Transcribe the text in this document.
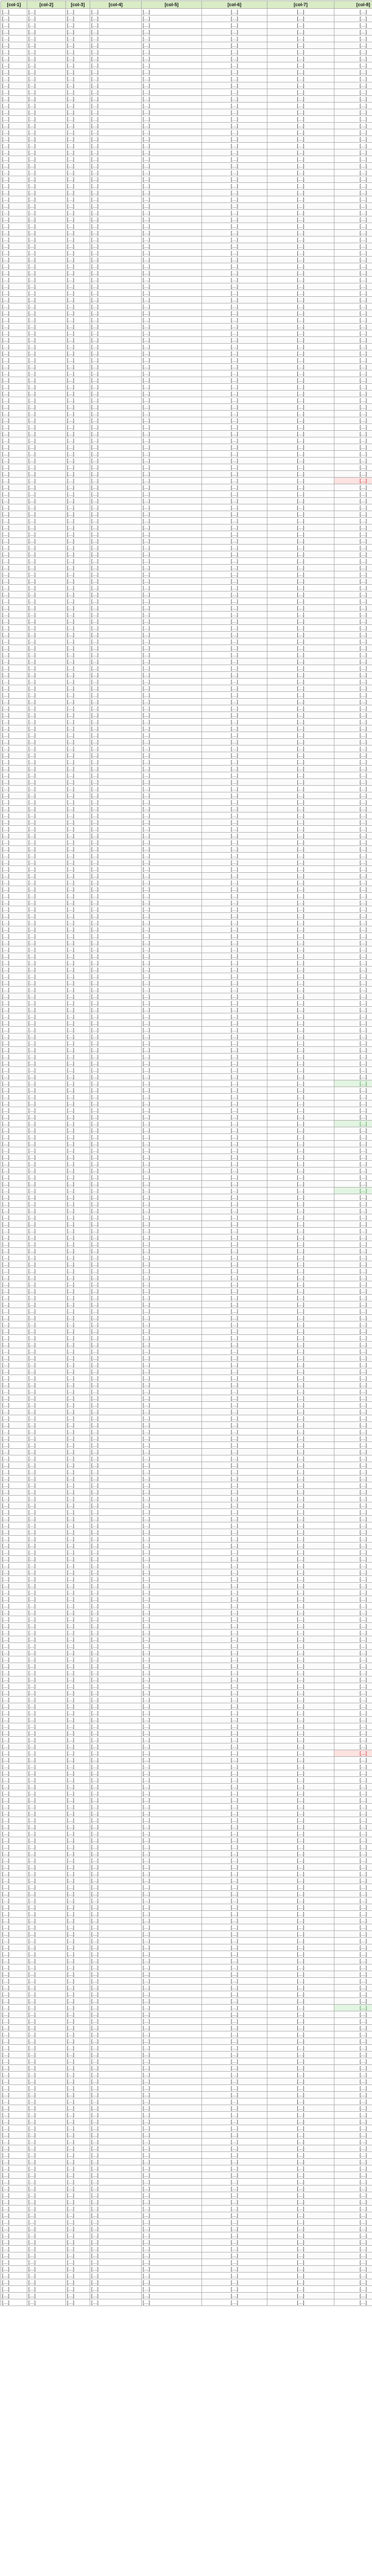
[col-1]	[col-2]	[col-3]	[col-4]	[col-5]	[col-6]	[col-7]	[col-8]
[…]	[…]	[…]	[…]	[…]	[…]	[…]	[…]
[…]	[…]	[…]	[…]	[…]	[…]	[…]	[…]
[…]	[…]	[…]	[…]	[…]	[…]	[…]	[…]
[…]	[…]	[…]	[…]	[…]	[…]	[…]	[…]
[…]	[…]	[…]	[…]	[…]	[…]	[…]	[…]
[…]	[…]	[…]	[…]	[…]	[…]	[…]	[…]
[…]	[…]	[…]	[…]	[…]	[…]	[…]	[…]
[…]	[…]	[…]	[…]	[…]	[…]	[…]	[…]
[…]	[…]	[…]	[…]	[…]	[…]	[…]	[…]
[…]	[…]	[…]	[…]	[…]	[…]	[…]	[…]
[…]	[…]	[…]	[…]	[…]	[…]	[…]	[…]
[…]	[…]	[…]	[…]	[…]	[…]	[…]	[…]
[…]	[…]	[…]	[…]	[…]	[…]	[…]	[…]
[…]	[…]	[…]	[…]	[…]	[…]	[…]	[…]
[…]	[…]	[…]	[…]	[…]	[…]	[…]	[…]
[…]	[…]	[…]	[…]	[…]	[…]	[…]	[…]
[…]	[…]	[…]	[…]	[…]	[…]	[…]	[…]
[…]	[…]	[…]	[…]	[…]	[…]	[…]	[…]
[…]	[…]	[…]	[…]	[…]	[…]	[…]	[…]
[…]	[…]	[…]	[…]	[…]	[…]	[…]	[…]
[…]	[…]	[…]	[…]	[…]	[…]	[…]	[…]
[…]	[…]	[…]	[…]	[…]	[…]	[…]	[…]
[…]	[…]	[…]	[…]	[…]	[…]	[…]	[…]
[…]	[…]	[…]	[…]	[…]	[…]	[…]	[…]
[…]	[…]	[…]	[…]	[…]	[…]	[…]	[…]
[…]	[…]	[…]	[…]	[…]	[…]	[…]	[…]
[…]	[…]	[…]	[…]	[…]	[…]	[…]	[…]
[…]	[…]	[…]	[…]	[…]	[…]	[…]	[…]
[…]	[…]	[…]	[…]	[…]	[…]	[…]	[…]
[…]	[…]	[…]	[…]	[…]	[…]	[…]	[…]
[…]	[…]	[…]	[…]	[…]	[…]	[…]	[…]
[…]	[…]	[…]	[…]	[…]	[…]	[…]	[…]
[…]	[…]	[…]	[…]	[…]	[…]	[…]	[…]
[…]	[…]	[…]	[…]	[…]	[…]	[…]	[…]
[…]	[…]	[…]	[…]	[…]	[…]	[…]	[…]
[…]	[…]	[…]	[…]	[…]	[…]	[…]	[…]
[…]	[…]	[…]	[…]	[…]	[…]	[…]	[…]
[…]	[…]	[…]	[…]	[…]	[…]	[…]	[…]
[…]	[…]	[…]	[…]	[…]	[…]	[…]	[…]
[…]	[…]	[…]	[…]	[…]	[…]	[…]	[…]
[…]	[…]	[…]	[…]	[…]	[…]	[…]	[…]
[…]	[…]	[…]	[…]	[…]	[…]	[…]	[…]
[…]	[…]	[…]	[…]	[…]	[…]	[…]	[…]
[…]	[…]	[…]	[…]	[…]	[…]	[…]	[…]
[…]	[…]	[…]	[…]	[…]	[…]	[…]	[…]
[…]	[…]	[…]	[…]	[…]	[…]	[…]	[…]
[…]	[…]	[…]	[…]	[…]	[…]	[…]	[…]
[…]	[…]	[…]	[…]	[…]	[…]	[…]	[…]
[…]	[…]	[…]	[…]	[…]	[…]	[…]	[…]
[…]	[…]	[…]	[…]	[…]	[…]	[…]	[…]
[…]	[…]	[…]	[…]	[…]	[…]	[…]	[…]
[…]	[…]	[…]	[…]	[…]	[…]	[…]	[…]
[…]	[…]	[…]	[…]	[…]	[…]	[…]	[…]
[…]	[…]	[…]	[…]	[…]	[…]	[…]	[…]
[…]	[…]	[…]	[…]	[…]	[…]	[…]	[…]
[…]	[…]	[…]	[…]	[…]	[…]	[…]	[…]
[…]	[…]	[…]	[…]	[…]	[…]	[…]	[…]
[…]	[…]	[…]	[…]	[…]	[…]	[…]	[…]
[…]	[…]	[…]	[…]	[…]	[…]	[…]	[…]
[…]	[…]	[…]	[…]	[…]	[…]	[…]	[…]
[…]	[…]	[…]	[…]	[…]	[…]	[…]	[…]
[…]	[…]	[…]	[…]	[…]	[…]	[…]	[…]
[…]	[…]	[…]	[…]	[…]	[…]	[…]	[…]
[…]	[…]	[…]	[…]	[…]	[…]	[…]	[…]
[…]	[…]	[…]	[…]	[…]	[…]	[…]	[…]
[…]	[…]	[…]	[…]	[…]	[…]	[…]	[…]
[…]	[…]	[…]	[…]	[…]	[…]	[…]	[…]
[…]	[…]	[…]	[…]	[…]	[…]	[…]	[…]
[…]	[…]	[…]	[…]	[…]	[…]	[…]	[…]
[…]	[…]	[…]	[…]	[…]	[…]	[…]	[…]
[…]	[…]	[…]	[…]	[…]	[…]	[…]	[…]
[…]	[…]	[…]	[…]	[…]	[…]	[…]	[…]
[…]	[…]	[…]	[…]	[…]	[…]	[…]	[…]
[…]	[…]	[…]	[…]	[…]	[…]	[…]	[…]
[…]	[…]	[…]	[…]	[…]	[…]	[…]	[…]
[…]	[…]	[…]	[…]	[…]	[…]	[…]	[…]
[…]	[…]	[…]	[…]	[…]	[…]	[…]	[…]
[…]	[…]	[…]	[…]	[…]	[…]	[…]	[…]
[…]	[…]	[…]	[…]	[…]	[…]	[…]	[…]
[…]	[…]	[…]	[…]	[…]	[…]	[…]	[…]
[…]	[…]	[…]	[…]	[…]	[…]	[…]	[…]
[…]	[…]	[…]	[…]	[…]	[…]	[…]	[…]
[…]	[…]	[…]	[…]	[…]	[…]	[…]	[…]
[…]	[…]	[…]	[…]	[…]	[…]	[…]	[…]
[…]	[…]	[…]	[…]	[…]	[…]	[…]	[…]
[…]	[…]	[…]	[…]	[…]	[…]	[…]	[…]
[…]	[…]	[…]	[…]	[…]	[…]	[…]	[…]
[…]	[…]	[…]	[…]	[…]	[…]	[…]	[…]
[…]	[…]	[…]	[…]	[…]	[…]	[…]	[…]
[…]	[…]	[…]	[…]	[…]	[…]	[…]	[…]
[…]	[…]	[…]	[…]	[…]	[…]	[…]	[…]
[…]	[…]	[…]	[…]	[…]	[…]	[…]	[…]
[…]	[…]	[…]	[…]	[…]	[…]	[…]	[…]
[…]	[…]	[…]	[…]	[…]	[…]	[…]	[…]
[…]	[…]	[…]	[…]	[…]	[…]	[…]	[…]
[…]	[…]	[…]	[…]	[…]	[…]	[…]	[…]
[…]	[…]	[…]	[…]	[…]	[…]	[…]	[…]
[…]	[…]	[…]	[…]	[…]	[…]	[…]	[…]
[…]	[…]	[…]	[…]	[…]	[…]	[…]	[…]
[…]	[…]	[…]	[…]	[…]	[…]	[…]	[…]
[…]	[…]	[…]	[…]	[…]	[…]	[…]	[…]
[…]	[…]	[…]	[…]	[…]	[…]	[…]	[…]
[…]	[…]	[…]	[…]	[…]	[…]	[…]	[…]
[…]	[…]	[…]	[…]	[…]	[…]	[…]	[…]
[…]	[…]	[…]	[…]	[…]	[…]	[…]	[…]
[…]	[…]	[…]	[…]	[…]	[…]	[…]	[…]
[…]	[…]	[…]	[…]	[…]	[…]	[…]	[…]
[…]	[…]	[…]	[…]	[…]	[…]	[…]	[…]
[…]	[…]	[…]	[…]	[…]	[…]	[…]	[…]
[…]	[…]	[…]	[…]	[…]	[…]	[…]	[…]
[…]	[…]	[…]	[…]	[…]	[…]	[…]	[…]
[…]	[…]	[…]	[…]	[…]	[…]	[…]	[…]
[…]	[…]	[…]	[…]	[…]	[…]	[…]	[…]
[…]	[…]	[…]	[…]	[…]	[…]	[…]	[…]
[…]	[…]	[…]	[…]	[…]	[…]	[…]	[…]
[…]	[…]	[…]	[…]	[…]	[…]	[…]	[…]
[…]	[…]	[…]	[…]	[…]	[…]	[…]	[…]
[…]	[…]	[…]	[…]	[…]	[…]	[…]	[…]
[…]	[…]	[…]	[…]	[…]	[…]	[…]	[…]
[…]	[…]	[…]	[…]	[…]	[…]	[…]	[…]
[…]	[…]	[…]	[…]	[…]	[…]	[…]	[…]
[…]	[…]	[…]	[…]	[…]	[…]	[…]	[…]
[…]	[…]	[…]	[…]	[…]	[…]	[…]	[…]
[…]	[…]	[…]	[…]	[…]	[…]	[…]	[…]
[…]	[…]	[…]	[…]	[…]	[…]	[…]	[…]
[…]	[…]	[…]	[…]	[…]	[…]	[…]	[…]
[…]	[…]	[…]	[…]	[…]	[…]	[…]	[…]
[…]	[…]	[…]	[…]	[…]	[…]	[…]	[…]
[…]	[…]	[…]	[…]	[…]	[…]	[…]	[…]
[…]	[…]	[…]	[…]	[…]	[…]	[…]	[…]
[…]	[…]	[…]	[…]	[…]	[…]	[…]	[…]
[…]	[…]	[…]	[…]	[…]	[…]	[…]	[…]
[…]	[…]	[…]	[…]	[…]	[…]	[…]	[…]
[…]	[…]	[…]	[…]	[…]	[…]	[…]	[…]
[…]	[…]	[…]	[…]	[…]	[…]	[…]	[…]
[…]	[…]	[…]	[…]	[…]	[…]	[…]	[…]
[…]	[…]	[…]	[…]	[…]	[…]	[…]	[…]
[…]	[…]	[…]	[…]	[…]	[…]	[…]	[…]
[…]	[…]	[…]	[…]	[…]	[…]	[…]	[…]
[…]	[…]	[…]	[…]	[…]	[…]	[…]	[…]
[…]	[…]	[…]	[…]	[…]	[…]	[…]	[…]
[…]	[…]	[…]	[…]	[…]	[…]	[…]	[…]
[…]	[…]	[…]	[…]	[…]	[…]	[…]	[…]
[…]	[…]	[…]	[…]	[…]	[…]	[…]	[…]
[…]	[…]	[…]	[…]	[…]	[…]	[…]	[…]
[…]	[…]	[…]	[…]	[…]	[…]	[…]	[…]
[…]	[…]	[…]	[…]	[…]	[…]	[…]	[…]
[…]	[…]	[…]	[…]	[…]	[…]	[…]	[…]
[…]	[…]	[…]	[…]	[…]	[…]	[…]	[…]
[…]	[…]	[…]	[…]	[…]	[…]	[…]	[…]
[…]	[…]	[…]	[…]	[…]	[…]	[…]	[…]
[…]	[…]	[…]	[…]	[…]	[…]	[…]	[…]
[…]	[…]	[…]	[…]	[…]	[…]	[…]	[…]
[…]	[…]	[…]	[…]	[…]	[…]	[…]	[…]
[…]	[…]	[…]	[…]	[…]	[…]	[…]	[…]
[…]	[…]	[…]	[…]	[…]	[…]	[…]	[…]
[…]	[…]	[…]	[…]	[…]	[…]	[…]	[…]
[…]	[…]	[…]	[…]	[…]	[…]	[…]	[…]
[…]	[…]	[…]	[…]	[…]	[…]	[…]	[…]
[…]	[…]	[…]	[…]	[…]	[…]	[…]	[…]
[…]	[…]	[…]	[…]	[…]	[…]	[…]	[…]
[…]	[…]	[…]	[…]	[…]	[…]	[…]	[…]
[…]	[…]	[…]	[…]	[…]	[…]	[…]	[…]
[…]	[…]	[…]	[…]	[…]	[…]	[…]	[…]
[…]	[…]	[…]	[…]	[…]	[…]	[…]	[…]
[…]	[…]	[…]	[…]	[…]	[…]	[…]	[…]
[…]	[…]	[…]	[…]	[…]	[…]	[…]	[…]
[…]	[…]	[…]	[…]	[…]	[…]	[…]	[…]
[…]	[…]	[…]	[…]	[…]	[…]	[…]	[…]
[…]	[…]	[…]	[…]	[…]	[…]	[…]	[…]
[…]	[…]	[…]	[…]	[…]	[…]	[…]	[…]
[…]	[…]	[…]	[…]	[…]	[…]	[…]	[…]
[…]	[…]	[…]	[…]	[…]	[…]	[…]	[…]
[…]	[…]	[…]	[…]	[…]	[…]	[…]	[…]
[…]	[…]	[…]	[…]	[…]	[…]	[…]	[…]
[…]	[…]	[…]	[…]	[…]	[…]	[…]	[…]
[…]	[…]	[…]	[…]	[…]	[…]	[…]	[…]
[…]	[…]	[…]	[…]	[…]	[…]	[…]	[…]
[…]	[…]	[…]	[…]	[…]	[…]	[…]	[…]
[…]	[…]	[…]	[…]	[…]	[…]	[…]	[…]
[…]	[…]	[…]	[…]	[…]	[…]	[…]	[…]
[…]	[…]	[…]	[…]	[…]	[…]	[…]	[…]
[…]	[…]	[…]	[…]	[…]	[…]	[…]	[…]
[…]	[…]	[…]	[…]	[…]	[…]	[…]	[…]
[…]	[…]	[…]	[…]	[…]	[…]	[…]	[…]
[…]	[…]	[…]	[…]	[…]	[…]	[…]	[…]
[…]	[…]	[…]	[…]	[…]	[…]	[…]	[…]
[…]	[…]	[…]	[…]	[…]	[…]	[…]	[…]
[…]	[…]	[…]	[…]	[…]	[…]	[…]	[…]
[…]	[…]	[…]	[…]	[…]	[…]	[…]	[…]
[…]	[…]	[…]	[…]	[…]	[…]	[…]	[…]
[…]	[…]	[…]	[…]	[…]	[…]	[…]	[…]
[…]	[…]	[…]	[…]	[…]	[…]	[…]	[…]
[…]	[…]	[…]	[…]	[…]	[…]	[…]	[…]
[…]	[…]	[…]	[…]	[…]	[…]	[…]	[…]
[…]	[…]	[…]	[…]	[…]	[…]	[…]	[…]
[…]	[…]	[…]	[…]	[…]	[…]	[…]	[…]
[…]	[…]	[…]	[…]	[…]	[…]	[…]	[…]
[…]	[…]	[…]	[…]	[…]	[…]	[…]	[…]
[…]	[…]	[…]	[…]	[…]	[…]	[…]	[…]
[…]	[…]	[…]	[…]	[…]	[…]	[…]	[…]
[…]	[…]	[…]	[…]	[…]	[…]	[…]	[…]
[…]	[…]	[…]	[…]	[…]	[…]	[…]	[…]
[…]	[…]	[…]	[…]	[…]	[…]	[…]	[…]
[…]	[…]	[…]	[…]	[…]	[…]	[…]	[…]
[…]	[…]	[…]	[…]	[…]	[…]	[…]	[…]
[…]	[…]	[…]	[…]	[…]	[…]	[…]	[…]
[…]	[…]	[…]	[…]	[…]	[…]	[…]	[…]
[…]	[…]	[…]	[…]	[…]	[…]	[…]	[…]
[…]	[…]	[…]	[…]	[…]	[…]	[…]	[…]
[…]	[…]	[…]	[…]	[…]	[…]	[…]	[…]
[…]	[…]	[…]	[…]	[…]	[…]	[…]	[…]
[…]	[…]	[…]	[…]	[…]	[…]	[…]	[…]
[…]	[…]	[…]	[…]	[…]	[…]	[…]	[…]
[…]	[…]	[…]	[…]	[…]	[…]	[…]	[…]
[…]	[…]	[…]	[…]	[…]	[…]	[…]	[…]
[…]	[…]	[…]	[…]	[…]	[…]	[…]	[…]
[…]	[…]	[…]	[…]	[…]	[…]	[…]	[…]
[…]	[…]	[…]	[…]	[…]	[…]	[…]	[…]
[…]	[…]	[…]	[…]	[…]	[…]	[…]	[…]
[…]	[…]	[…]	[…]	[…]	[…]	[…]	[…]
[…]	[…]	[…]	[…]	[…]	[…]	[…]	[…]
[…]	[…]	[…]	[…]	[…]	[…]	[…]	[…]
[…]	[…]	[…]	[…]	[…]	[…]	[…]	[…]
[…]	[…]	[…]	[…]	[…]	[…]	[…]	[…]
[…]	[…]	[…]	[…]	[…]	[…]	[…]	[…]
[…]	[…]	[…]	[…]	[…]	[…]	[…]	[…]
[…]	[…]	[…]	[…]	[…]	[…]	[…]	[…]
[…]	[…]	[…]	[…]	[…]	[…]	[…]	[…]
[…]	[…]	[…]	[…]	[…]	[…]	[…]	[…]
[…]	[…]	[…]	[…]	[…]	[…]	[…]	[…]
[…]	[…]	[…]	[…]	[…]	[…]	[…]	[…]
[…]	[…]	[…]	[…]	[…]	[…]	[…]	[…]
[…]	[…]	[…]	[…]	[…]	[…]	[…]	[…]
[…]	[…]	[…]	[…]	[…]	[…]	[…]	[…]
[…]	[…]	[…]	[…]	[…]	[…]	[…]	[…]
[…]	[…]	[…]	[…]	[…]	[…]	[…]	[…]
[…]	[…]	[…]	[…]	[…]	[…]	[…]	[…]
[…]	[…]	[…]	[…]	[…]	[…]	[…]	[…]
[…]	[…]	[…]	[…]	[…]	[…]	[…]	[…]
[…]	[…]	[…]	[…]	[…]	[…]	[…]	[…]
[…]	[…]	[…]	[…]	[…]	[…]	[…]	[…]
[…]	[…]	[…]	[…]	[…]	[…]	[…]	[…]
[…]	[…]	[…]	[…]	[…]	[…]	[…]	[…]
[…]	[…]	[…]	[…]	[…]	[…]	[…]	[…]
[…]	[…]	[…]	[…]	[…]	[…]	[…]	[…]
[…]	[…]	[…]	[…]	[…]	[…]	[…]	[…]
[…]	[…]	[…]	[…]	[…]	[…]	[…]	[…]
[…]	[…]	[…]	[…]	[…]	[…]	[…]	[…]
[…]	[…]	[…]	[…]	[…]	[…]	[…]	[…]
[…]	[…]	[…]	[…]	[…]	[…]	[…]	[…]
[…]	[…]	[…]	[…]	[…]	[…]	[…]	[…]
[…]	[…]	[…]	[…]	[…]	[…]	[…]	[…]
[…]	[…]	[…]	[…]	[…]	[…]	[…]	[…]
[…]	[…]	[…]	[…]	[…]	[…]	[…]	[…]
[…]	[…]	[…]	[…]	[…]	[…]	[…]	[…]
[…]	[…]	[…]	[…]	[…]	[…]	[…]	[…]
[…]	[…]	[…]	[…]	[…]	[…]	[…]	[…]
[…]	[…]	[…]	[…]	[…]	[…]	[…]	[…]
[…]	[…]	[…]	[…]	[…]	[…]	[…]	[…]
[…]	[…]	[…]	[…]	[…]	[…]	[…]	[…]
[…]	[…]	[…]	[…]	[…]	[…]	[…]	[…]
[…]	[…]	[…]	[…]	[…]	[…]	[…]	[…]
[…]	[…]	[…]	[…]	[…]	[…]	[…]	[…]
[…]	[…]	[…]	[…]	[…]	[…]	[…]	[…]
[…]	[…]	[…]	[…]	[…]	[…]	[…]	[…]
[…]	[…]	[…]	[…]	[…]	[…]	[…]	[…]
[…]	[…]	[…]	[…]	[…]	[…]	[…]	[…]
[…]	[…]	[…]	[…]	[…]	[…]	[…]	[…]
[…]	[…]	[…]	[…]	[…]	[…]	[…]	[…]
[…]	[…]	[…]	[…]	[…]	[…]	[…]	[…]
[…]	[…]	[…]	[…]	[…]	[…]	[…]	[…]
[…]	[…]	[…]	[…]	[…]	[…]	[…]	[…]
[…]	[…]	[…]	[…]	[…]	[…]	[…]	[…]
[…]	[…]	[…]	[…]	[…]	[…]	[…]	[…]
[…]	[…]	[…]	[…]	[…]	[…]	[…]	[…]
[…]	[…]	[…]	[…]	[…]	[…]	[…]	[…]
[…]	[…]	[…]	[…]	[…]	[…]	[…]	[…]
[…]	[…]	[…]	[…]	[…]	[…]	[…]	[…]
[…]	[…]	[…]	[…]	[…]	[…]	[…]	[…]
[…]	[…]	[…]	[…]	[…]	[…]	[…]	[…]
[…]	[…]	[…]	[…]	[…]	[…]	[…]	[…]
[…]	[…]	[…]	[…]	[…]	[…]	[…]	[…]
[…]	[…]	[…]	[…]	[…]	[…]	[…]	[…]
[…]	[…]	[…]	[…]	[…]	[…]	[…]	[…]
[…]	[…]	[…]	[…]	[…]	[…]	[…]	[…]
[…]	[…]	[…]	[…]	[…]	[…]	[…]	[…]
[…]	[…]	[…]	[…]	[…]	[…]	[…]	[…]
[…]	[…]	[…]	[…]	[…]	[…]	[…]	[…]
[…]	[…]	[…]	[…]	[…]	[…]	[…]	[…]
[…]	[…]	[…]	[…]	[…]	[…]	[…]	[…]
[…]	[…]	[…]	[…]	[…]	[…]	[…]	[…]
[…]	[…]	[…]	[…]	[…]	[…]	[…]	[…]
[…]	[…]	[…]	[…]	[…]	[…]	[…]	[…]
[…]	[…]	[…]	[…]	[…]	[…]	[…]	[…]
[…]	[…]	[…]	[…]	[…]	[…]	[…]	[…]
[…]	[…]	[…]	[…]	[…]	[…]	[…]	[…]
[…]	[…]	[…]	[…]	[…]	[…]	[…]	[…]
[…]	[…]	[…]	[…]	[…]	[…]	[…]	[…]
[…]	[…]	[…]	[…]	[…]	[…]	[…]	[…]
[…]	[…]	[…]	[…]	[…]	[…]	[…]	[…]
[…]	[…]	[…]	[…]	[…]	[…]	[…]	[…]
[…]	[…]	[…]	[…]	[…]	[…]	[…]	[…]
[…]	[…]	[…]	[…]	[…]	[…]	[…]	[…]
[…]	[…]	[…]	[…]	[…]	[…]	[…]	[…]
[…]	[…]	[…]	[…]	[…]	[…]	[…]	[…]
[…]	[…]	[…]	[…]	[…]	[…]	[…]	[…]
[…]	[…]	[…]	[…]	[…]	[…]	[…]	[…]
[…]	[…]	[…]	[…]	[…]	[…]	[…]	[…]
[…]	[…]	[…]	[…]	[…]	[…]	[…]	[…]
[…]	[…]	[…]	[…]	[…]	[…]	[…]	[…]
[…]	[…]	[…]	[…]	[…]	[…]	[…]	[…]
[…]	[…]	[…]	[…]	[…]	[…]	[…]	[…]
[…]	[…]	[…]	[…]	[…]	[…]	[…]	[…]
[…]	[…]	[…]	[…]	[…]	[…]	[…]	[…]
[…]	[…]	[…]	[…]	[…]	[…]	[…]	[…]
[…]	[…]	[…]	[…]	[…]	[…]	[…]	[…]
[…]	[…]	[…]	[…]	[…]	[…]	[…]	[…]
[…]	[…]	[…]	[…]	[…]	[…]	[…]	[…]
[…]	[…]	[…]	[…]	[…]	[…]	[…]	[…]
[…]	[…]	[…]	[…]	[…]	[…]	[…]	[…]
[…]	[…]	[…]	[…]	[…]	[…]	[…]	[…]
[…]	[…]	[…]	[…]	[…]	[…]	[…]	[…]
[…]	[…]	[…]	[…]	[…]	[…]	[…]	[…]
[…]	[…]	[…]	[…]	[…]	[…]	[…]	[…]
[…]	[…]	[…]	[…]	[…]	[…]	[…]	[…]
[…]	[…]	[…]	[…]	[…]	[…]	[…]	[…]
[…]	[…]	[…]	[…]	[…]	[…]	[…]	[…]
[…]	[…]	[…]	[…]	[…]	[…]	[…]	[…]
[…]	[…]	[…]	[…]	[…]	[…]	[…]	[…]
[…]	[…]	[…]	[…]	[…]	[…]	[…]	[…]
[…]	[…]	[…]	[…]	[…]	[…]	[…]	[…]
[…]	[…]	[…]	[…]	[…]	[…]	[…]	[…]
[…]	[…]	[…]	[…]	[…]	[…]	[…]	[…]
[…]	[…]	[…]	[…]	[…]	[…]	[…]	[…]
[…]	[…]	[…]	[…]	[…]	[…]	[…]	[…]
[…]	[…]	[…]	[…]	[…]	[…]	[…]	[…]
[…]	[…]	[…]	[…]	[…]	[…]	[…]	[…]
[…]	[…]	[…]	[…]	[…]	[…]	[…]	[…]
[…]	[…]	[…]	[…]	[…]	[…]	[…]	[…]
[…]	[…]	[…]	[…]	[…]	[…]	[…]	[…]
[…]	[…]	[…]	[…]	[…]	[…]	[…]	[…]
[…]	[…]	[…]	[…]	[…]	[…]	[…]	[…]
